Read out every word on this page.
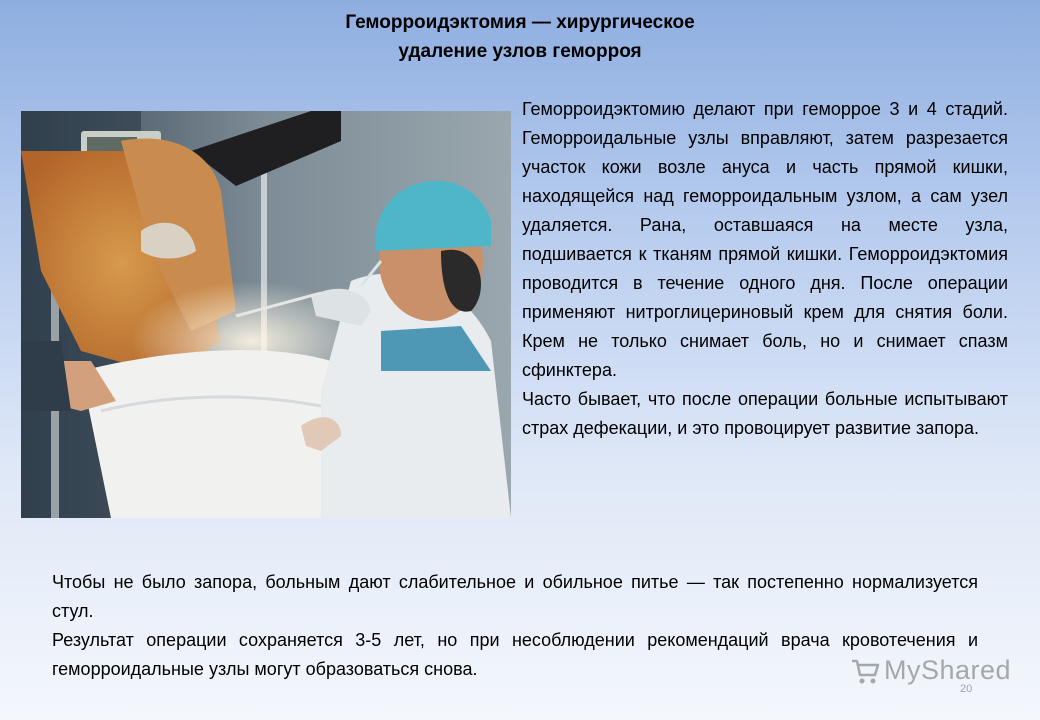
Геморроидэктомия — хирургическое
удаление узлов геморроя

Геморроидэктомию делают при геморрое 3 и 4 стадий. Геморроидальные узлы вправляют, затем разрезается участок кожи возле ануса и часть прямой кишки, находящейся над геморроидальным узлом, а сам узел удаляется. Рана, оставшаяся на месте узла, подшивается к тканям прямой кишки. Геморроидэктомия проводится в течение одного дня. После операции применяют нитроглицериновый крем для снятия боли. Крем не только снимает боль, но и снимает спазм сфинктера.

Часто бывает, что после операции больные испытывают страх дефекации, и это провоцирует развитие запора.

Чтобы не было запора, больным дают слабительное и обильное питье — так постепенно нормализуется стул.

Результат операции сохраняется 3-5 лет, но при несоблюдении рекомендаций врача кровотечения и геморроидальные узлы могут образоваться снова.	MyShared
20
